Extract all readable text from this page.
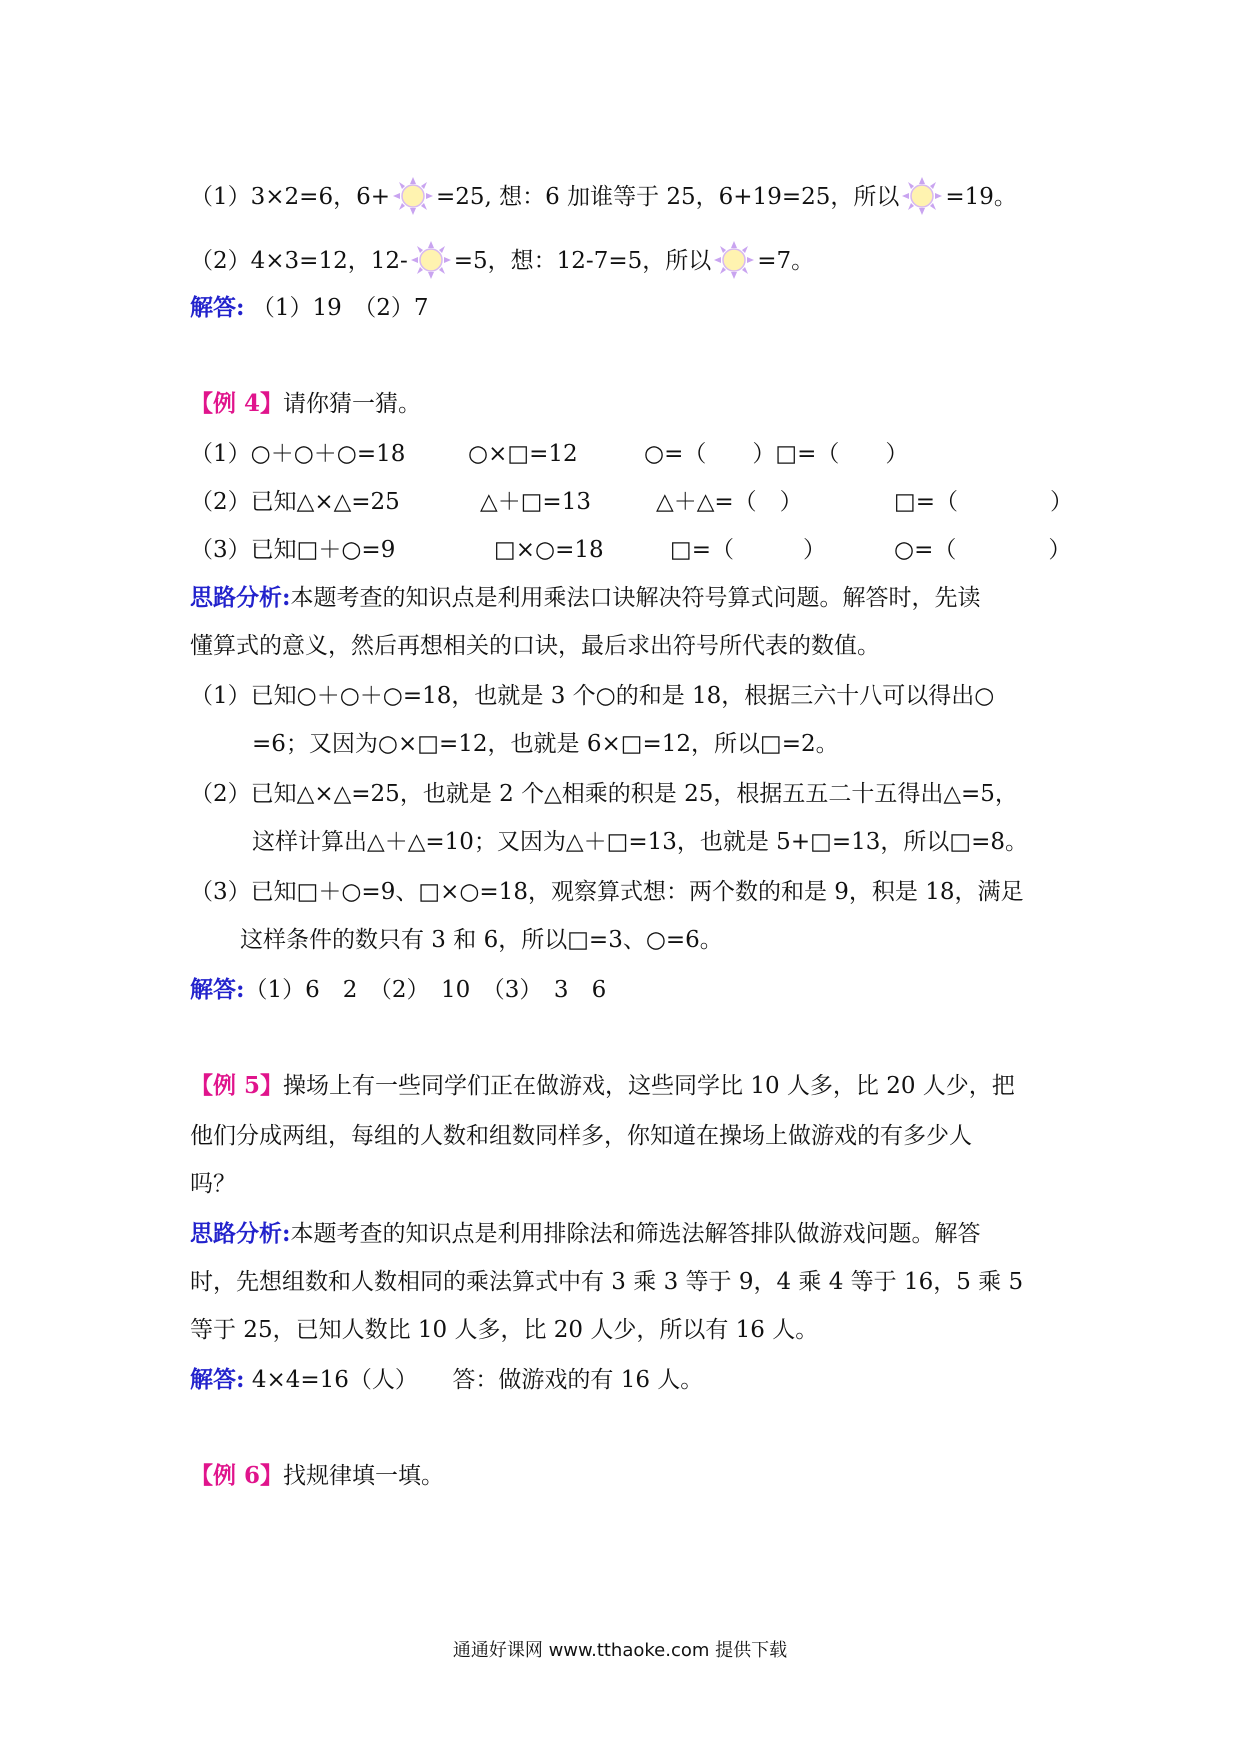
（1）3×2=6，6+ =25, 想：6 加谁等于 25，6+19=25，所以 =19。
（2）4×3=12，12- =5，想：12-7=5，所以 =7。
解答: （1）19　（2）7
【例 4】请你猜一猜。
（1）○＋○＋○=18	○×□=12	○=（　　）□=（　　）
（2）已知△×△=25	△＋□=13	△＋△=（　）	□=（　　　　）
（3）已知□＋○=9	□×○=18	□=（　　　）	○=（　　　　）
思路分析:本题考查的知识点是利用乘法口诀解决符号算式问题。解答时，先读
懂算式的意义，然后再想相关的口诀，最后求出符号所代表的数值。
（1）已知○＋○＋○=18，也就是 3 个○的和是 18，根据三六十八可以得出○
=6；又因为○×□=12，也就是 6×□=12，所以□=2。
（2）已知△×△=25，也就是 2 个△相乘的积是 25，根据五五二十五得出△=5，
这样计算出△＋△=10；又因为△＋□=13，也就是 5+□=13，所以□=8。
（3）已知□＋○=9、□×○=18，观察算式想：两个数的和是 9，积是 18，满足
这样条件的数只有 3 和 6，所以□=3、○=6。
解答:（1）6　2　（2）　10　（3）　3　6
【例 5】操场上有一些同学们正在做游戏，这些同学比 10 人多，比 20 人少，把
他们分成两组，每组的人数和组数同样多，你知道在操场上做游戏的有多少人
吗？
思路分析:本题考查的知识点是利用排除法和筛选法解答排队做游戏问题。解答
时，先想组数和人数相同的乘法算式中有 3 乘 3 等于 9，4 乘 4 等于 16，5 乘 5
等于 25，已知人数比 10 人多，比 20 人少，所以有 16 人。
解答: 4×4=16（人）　　答：做游戏的有 16 人。
【例 6】找规律填一填。
通通好课网 www.tthaoke.com 提供下载
